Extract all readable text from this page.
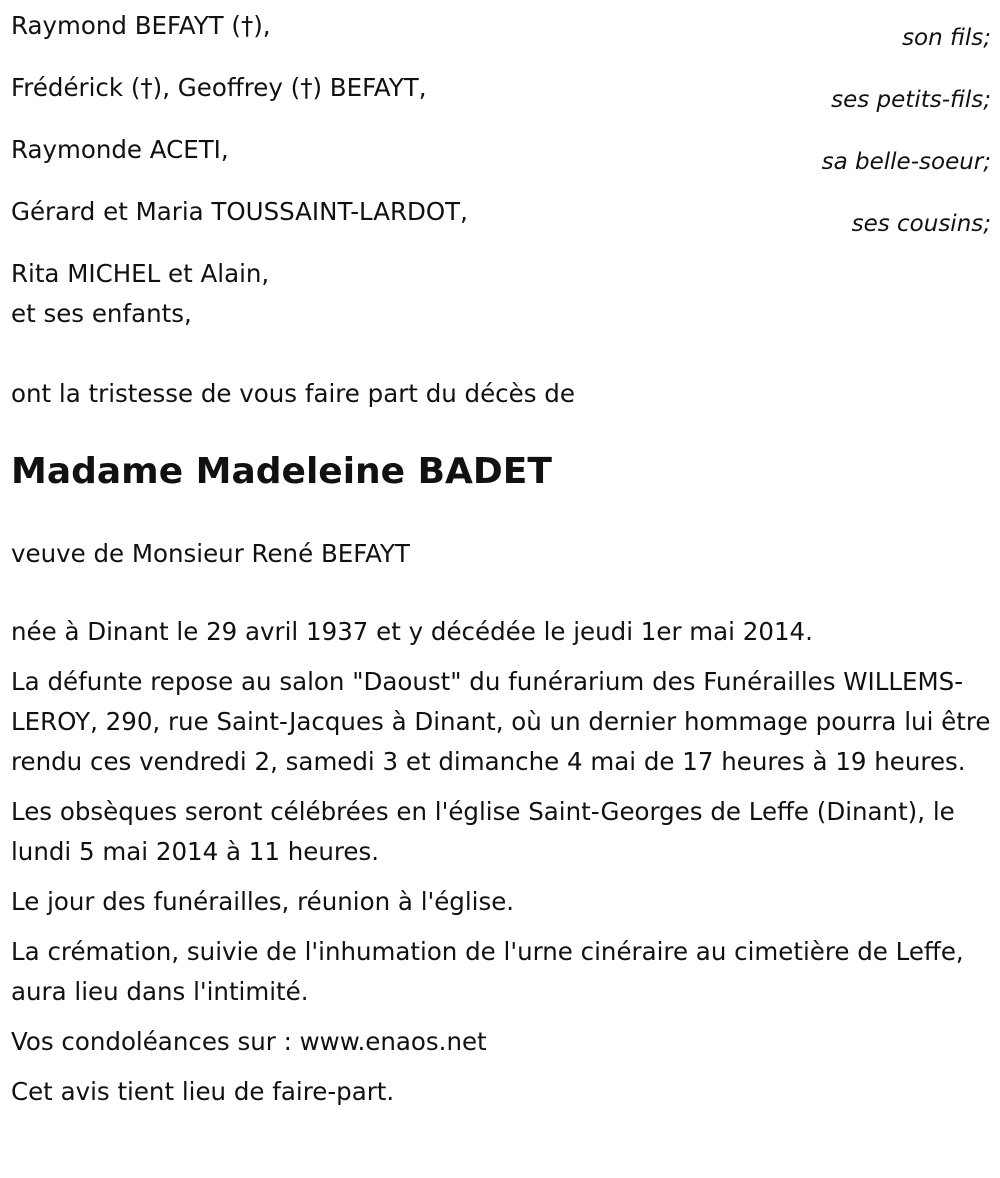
Raymond BEFAYT (†),	son fils;
Frédérick (†), Geoffrey (†) BEFAYT,	ses petits-fils;
Raymonde ACETI,	sa belle-soeur;
Gérard et Maria TOUSSAINT-LARDOT,	ses cousins;
Rita MICHEL et Alain,
et ses enfants,
ont la tristesse de vous faire part du décès de
Madame Madeleine BADET
veuve de Monsieur René BEFAYT
née à Dinant le 29 avril 1937 et y décédée le jeudi 1er mai 2014.
La défunte repose au salon "Daoust" du funérarium des Funérailles WILLEMS-LEROY, 290, rue Saint-Jacques à Dinant, où un dernier hommage pourra lui être rendu ces vendredi 2, samedi 3 et dimanche 4 mai de 17 heures à 19 heures.
Les obsèques seront célébrées en l'église Saint-Georges de Leffe (Dinant), le lundi 5 mai 2014 à 11 heures.
Le jour des funérailles, réunion à l'église.
La crémation, suivie de l'inhumation de l'urne cinéraire au cimetière de Leffe, aura lieu dans l'intimité.
Vos condoléances sur : www.enaos.net
Cet avis tient lieu de faire-part.
